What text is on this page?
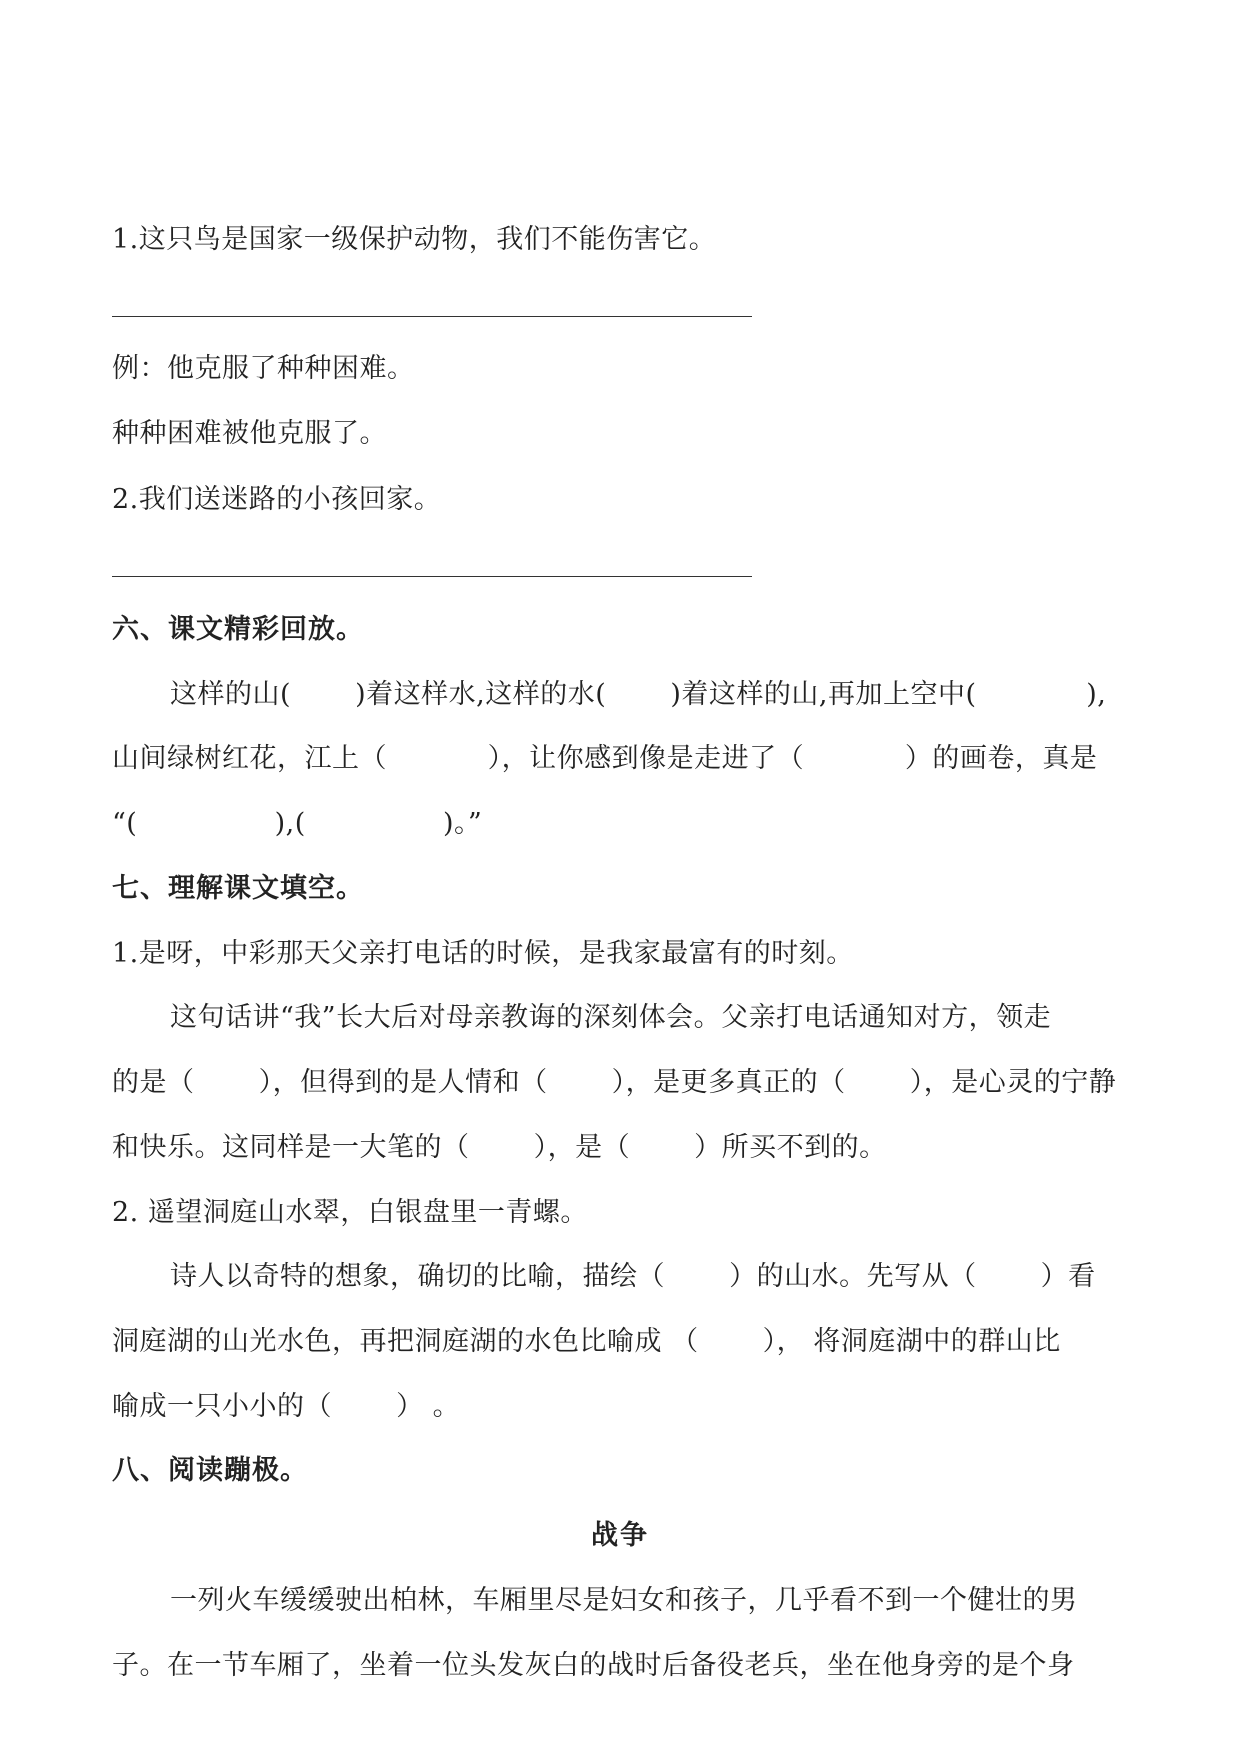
1.这只鸟是国家一级保护动物，我们不能伤害它。
例：他克服了种种困难。
种种困难被他克服了。
2.我们送迷路的小孩回家。
六、课文精彩回放。
这样的山(　 　)着这样水,这样的水(　 　)着这样的山,再加上空中(　 　 　 ),
山间绿树红花，江上（　 　 　），让你感到像是走进了（　 　 　）的画卷，真是
“(　 　 　 　),(　 　 　 　)。”
七、理解课文填空。
1.是呀，中彩那天父亲打电话的时候，是我家最富有的时刻。
这句话讲“我”长大后对母亲教诲的深刻体会。父亲打电话通知对方，领走
的是（　 　），但得到的是人情和（　 　），是更多真正的（　 　），是心灵的宁静
和快乐。这同样是一大笔的（　 　），是（　 　）所买不到的。
2. 遥望洞庭山水翠，白银盘里一青螺。
诗人以奇特的想象，确切的比喻，描绘（　 　）的山水。先写从（　 　）看
洞庭湖的山光水色，再把洞庭湖的水色比喻成 （　 　）， 将洞庭湖中的群山比
喻成一只小小的（　 　） 。
八、阅读蹦极。
战争
一列火车缓缓驶出柏林，车厢里尽是妇女和孩子，几乎看不到一个健壮的男
子。在一节车厢了，坐着一位头发灰白的战时后备役老兵，坐在他身旁的是个身
